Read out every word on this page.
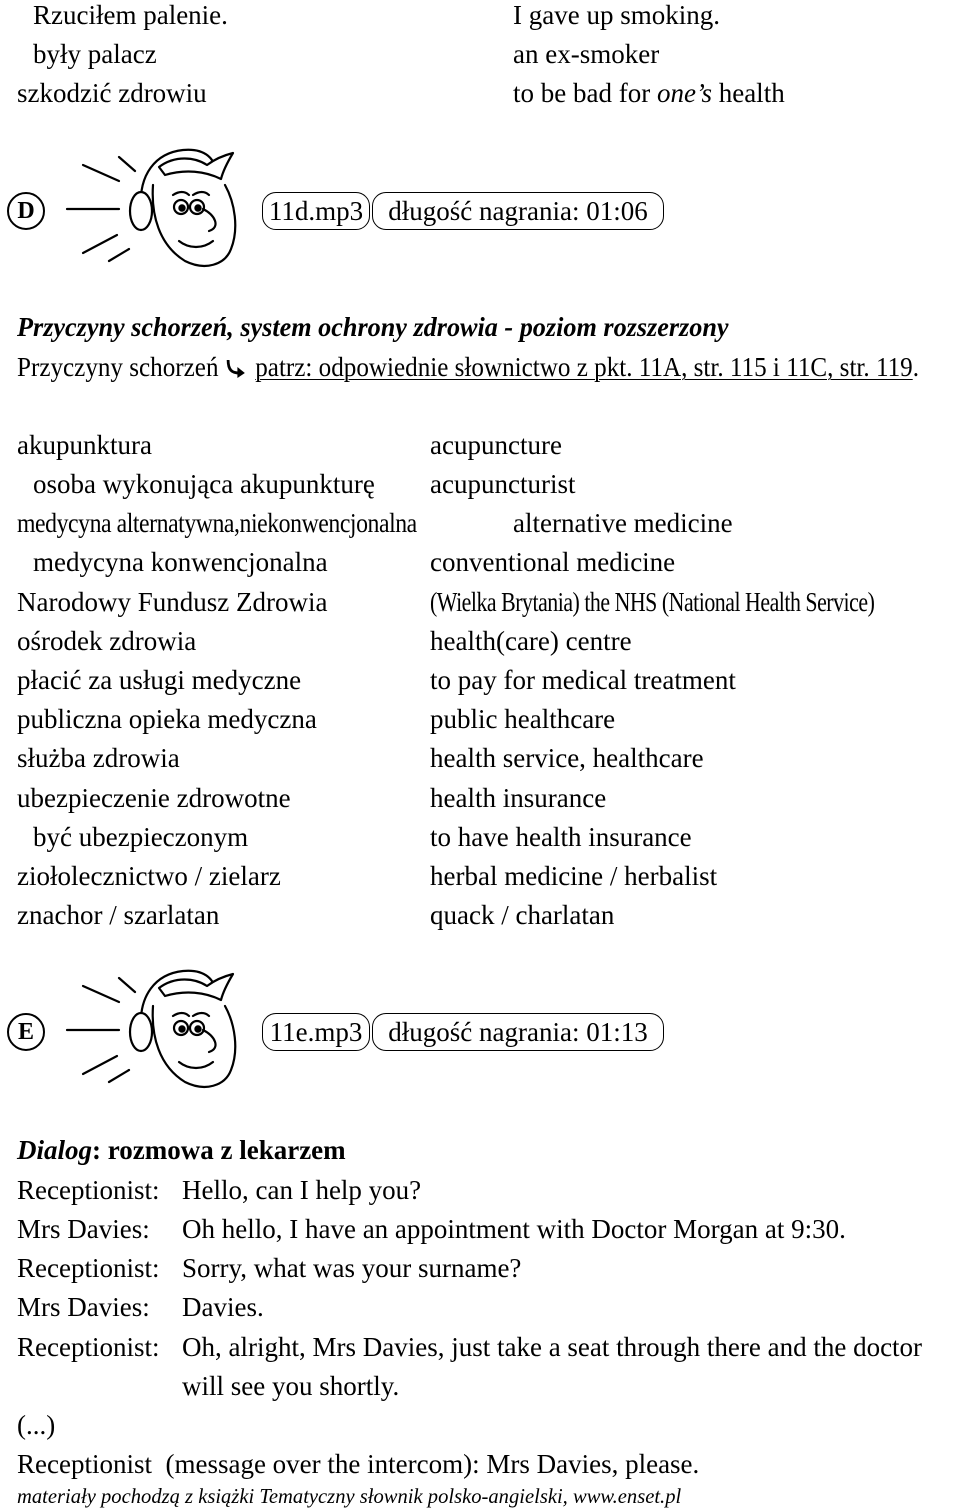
Rzuciłem palenie.	I gave up smoking.
były palacz	an ex-smoker
szkodzić zdrowiu	to be bad for one’s health
D	11d.mp3 długość nagrania: 01:06
Przyczyny schorzeń, system ochrony zdrowia - poziom rozszerzony
Przyczyny schorzeń patrz: odpowiednie słownictwo z pkt. 11A, str. 115 i 11C, str. 119.
akupunktura	acupuncture
osoba wykonująca akupunkturę acupuncturist
medycyna alternatywna,niekonwencjonalna	alternative medicine
medycyna konwencjonalna	conventional medicine
Narodowy Fundusz Zdrowia	(Wielka Brytania) the NHS (National Health Service)
ośrodek zdrowia	health(care) centre
płacić za usługi medyczne	to pay for medical treatment
publiczna opieka medyczna	public healthcare
służba zdrowia	health service, healthcare
ubezpieczenie zdrowotne	health insurance
być ubezpieczonym	to have health insurance
ziołolecznictwo / zielarz	herbal medicine / herbalist
znachor / szarlatan	quack / charlatan
E	11e.mp3 długość nagrania: 01:13
Dialog: rozmowa z lekarzem
Receptionist: Hello, can I help you?
Mrs Davies: Oh hello, I have an appointment with Doctor Morgan at 9:30.
Receptionist: Sorry, what was your surname?
Mrs Davies: Davies.
Receptionist: Oh, alright, Mrs Davies, just take a seat through there and the doctor
will see you shortly.
(...)
Receptionist  (message over the intercom): Mrs Davies, please.
materiały pochodzą z książki Tematyczny słownik polsko-angielski, www.enset.pl
